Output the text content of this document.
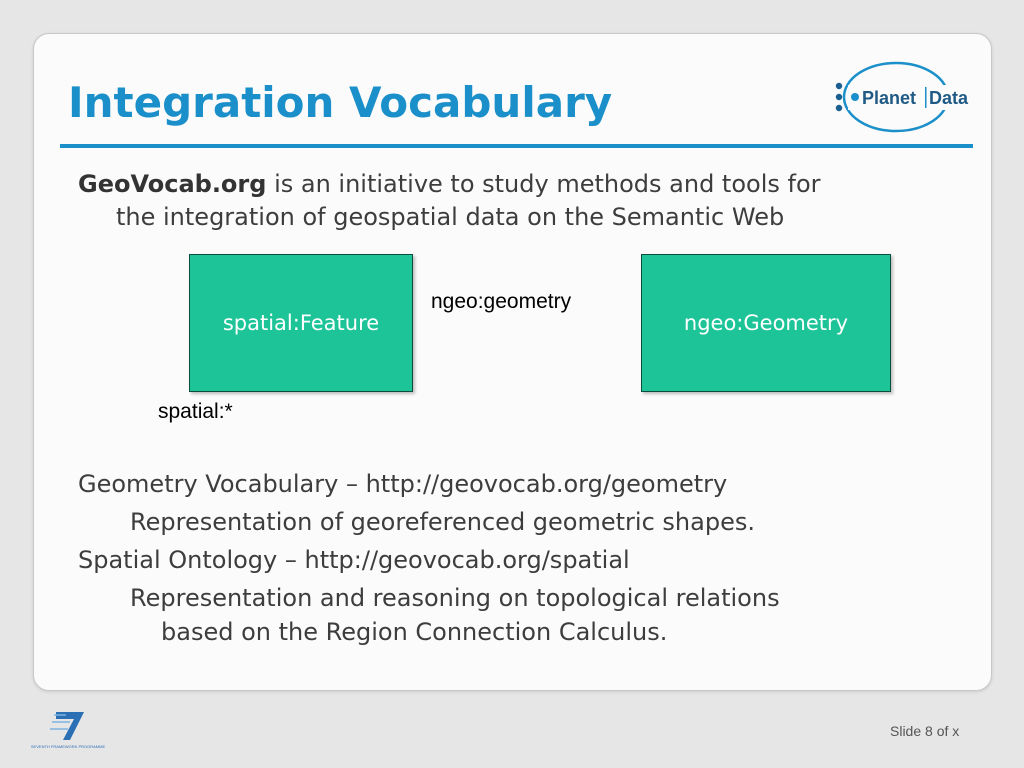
Integration Vocabulary	Planet Data
GeoVocab.org is an initiative to study methods and tools for
the integration of geospatial data on the Semantic Web
spatial:Feature	ngeo:Geometry
ngeo:geometry
spatial:*
Geometry Vocabulary – http://geovocab.org/geometry
Representation of georeferenced geometric shapes.
Spatial Ontology – http://geovocab.org/spatial
Representation and reasoning on topological relations
based on the Region Connection Calculus.
SEVENTH FRAMEWORK PROGRAMME
Slide 8 of x
